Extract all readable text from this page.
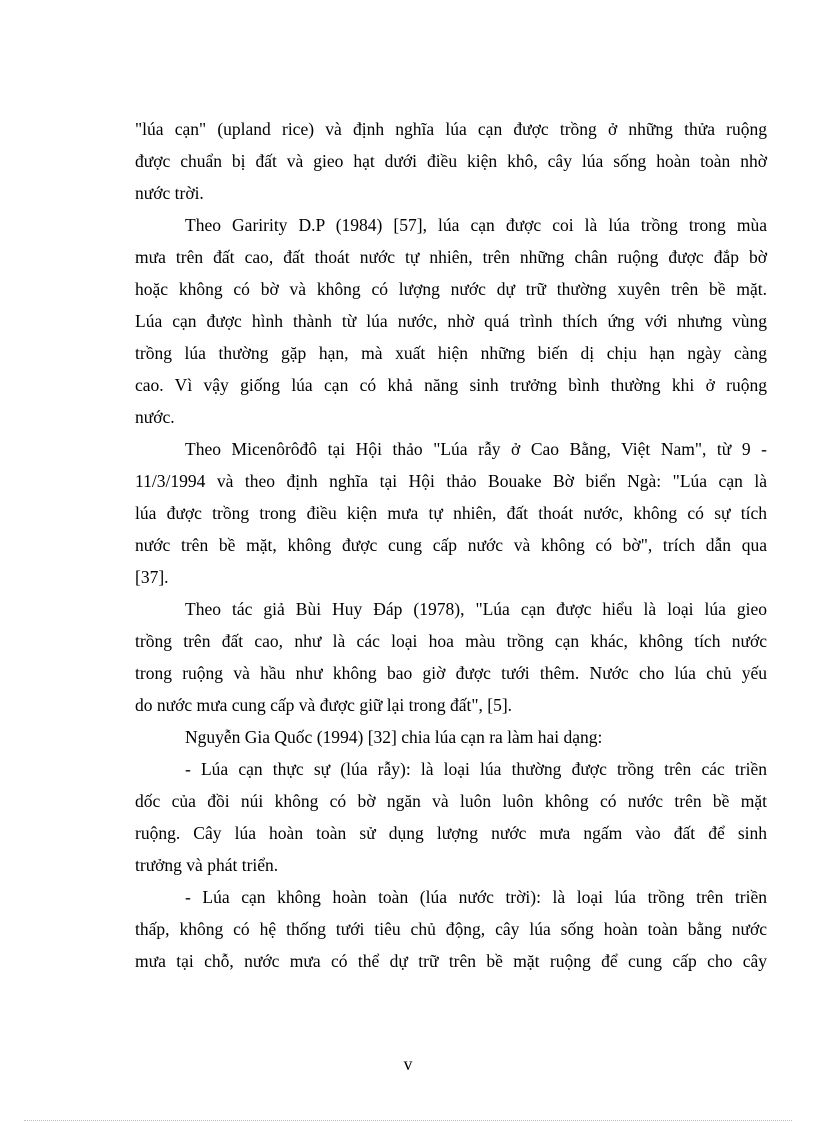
"lúa cạn" (upland rice) và định nghĩa lúa cạn được trồng ở những thửa ruộng
được chuẩn bị đất và gieo hạt dưới điều kiện khô, cây lúa sống hoàn toàn nhờ
nước trời.
Theo Garirity D.P (1984) [57], lúa cạn được coi là lúa trồng trong mùa
mưa trên đất cao, đất thoát nước tự nhiên, trên những chân ruộng được đắp bờ
hoặc không có bờ và không có lượng nước dự trữ thường xuyên trên bề mặt.
Lúa cạn được hình thành từ lúa nước, nhờ quá trình thích ứng với nhưng vùng
trồng lúa thường gặp hạn, mà xuất hiện những biến dị chịu hạn ngày càng
cao. Vì vậy giống lúa cạn có khả năng sinh trưởng bình thường khi ở ruộng
nước.
Theo Micenôrôđô tại Hội thảo "Lúa rẫy ở Cao Bằng, Việt Nam", từ 9 -
11/3/1994 và theo định nghĩa tại Hội thảo Bouake Bờ biển Ngà: "Lúa cạn là
lúa được trồng trong điều kiện mưa tự nhiên, đất thoát nước, không có sự tích
nước trên bề mặt, không được cung cấp nước và không có bờ", trích dẫn qua
[37].
Theo tác giả Bùi Huy Đáp (1978), "Lúa cạn được hiểu là loại lúa gieo
trồng trên đất cao, như là các loại hoa màu trồng cạn khác, không tích nước
trong ruộng và hầu như không bao giờ được tưới thêm. Nước cho lúa chủ yếu
do nước mưa cung cấp và được giữ lại trong đất", [5].
Nguyễn Gia Quốc (1994) [32] chia lúa cạn ra làm hai dạng:
- Lúa cạn thực sự (lúa rẫy): là loại lúa thường được trồng trên các triền
dốc của đồi núi không có bờ ngăn và luôn luôn không có nước trên bề mặt
ruộng. Cây lúa hoàn toàn sử dụng lượng nước mưa ngấm vào đất để sinh
trưởng và phát triển.
- Lúa cạn không hoàn toàn (lúa nước trời): là loại lúa trồng trên triền
thấp, không có hệ thống tưới tiêu chủ động, cây lúa sống hoàn toàn bằng nước
mưa tại chỗ, nước mưa có thể dự trữ trên bề mặt ruộng để cung cấp cho cây
v
